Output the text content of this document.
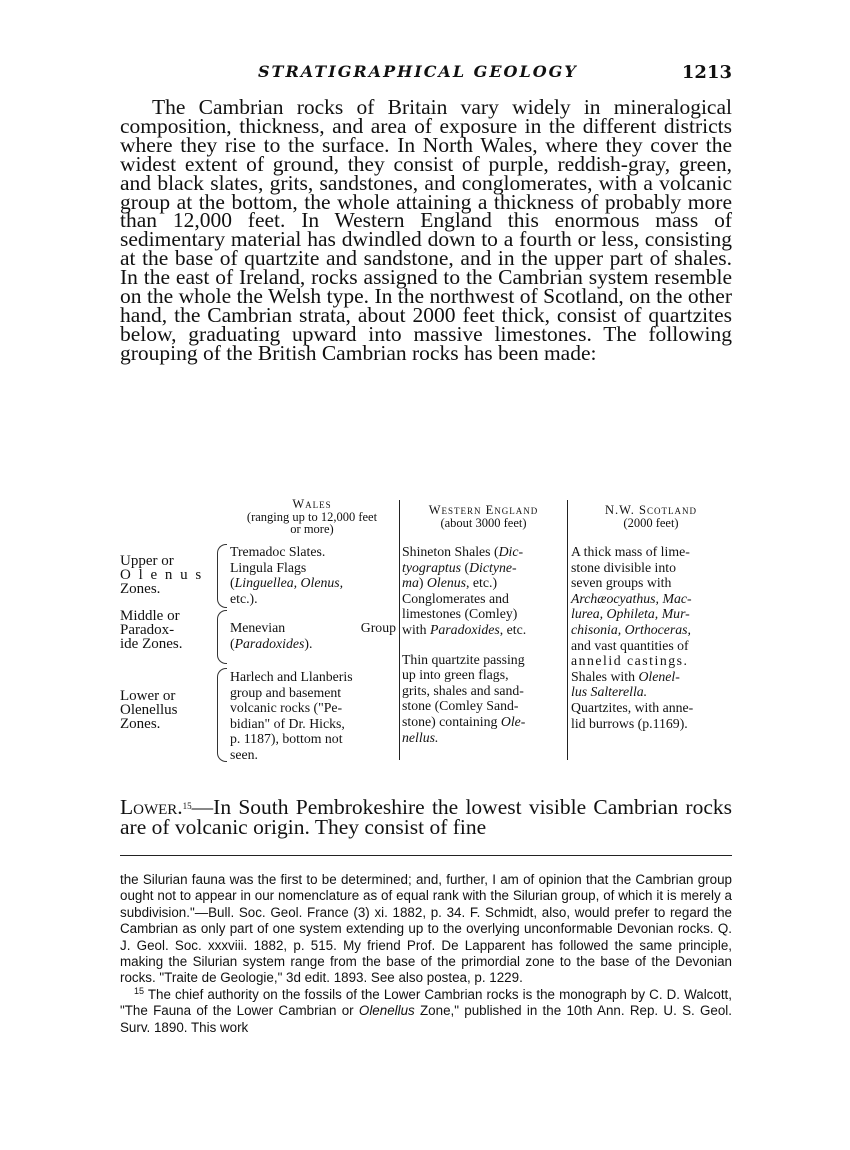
STRATIGRAPHICAL GEOLOGY	1213

The Cambrian rocks of Britain vary widely in mineralogical composition, thickness, and area of exposure in the different districts where they rise to the surface. In North Wales, where they cover the widest extent of ground, they consist of purple, reddish-gray, green, and black slates, grits, sandstones, and conglomerates, with a volcanic group at the bottom, the whole attaining a thickness of probably more than 12,000 feet. In Western England this enormous mass of sedimentary material has dwindled down to a fourth or less, consisting at the base of quartzite and sandstone, and in the upper part of shales. In the east of Ireland, rocks assigned to the Cambrian system resemble on the whole the Welsh type. In the northwest of Scotland, on the other hand, the Cambrian strata, about 2000 feet thick, consist of quartzites below, graduating upward into massive limestones. The following grouping of the British Cambrian rocks has been made:

Wales
(ranging up to 12,000 feet
or more)
Western England
(about 3000 feet)
N.W. Scotland
(2000 feet)
Upper or
O l e n u s
Zones.
Middle or
Paradox-
ide Zones.
Lower or
Olenellus
Zones.
Tremadoc Slates.
Lingula Flags
(Linguellea, Olenus,
etc.).
Menevian Group
(Paradoxides).
Harlech and Llanberis
group and basement
volcanic rocks ("Pe-
bidian" of Dr. Hicks,
p. 1187), bottom not
seen.
Shineton Shales (Dic-
tyograptus (Dictyne-
ma) Olenus, etc.)
Conglomerates and
limestones (Comley)
with Paradoxides, etc.
Thin quartzite passing
up into green flags,
grits, shales and sand-
stone (Comley Sand-
stone) containing Ole-
nellus.
A thick mass of lime-
stone divisible into
seven groups with
Archæocyathus, Mac-
lurea, Ophileta, Mur-
chisonia, Orthoceras,
and vast quantities of
annelid castings.
Shales with Olenel-
lus Salterella.
Quartzites, with anne-
lid burrows (p.1169).

Lower.$^{15}$—In South Pembrokeshire the lowest visible Cambrian rocks are of volcanic origin. They consist of fine

the Silurian fauna was the first to be determined; and, further, I am of opinion that the Cambrian group ought not to appear in our nomenclature as of equal rank with the Silurian group, of which it is merely a subdivision."—Bull. Soc. Geol. France (3) xi. 1882, p. 34. F. Schmidt, also, would prefer to regard the Cambrian as only part of one system extending up to the overlying unconformable Devonian rocks. Q. J. Geol. Soc. xxxviii. 1882, p. 515. My friend Prof. De Lapparent has followed the same principle, making the Silurian system range from the base of the primordial zone to the base of the Devonian rocks. "Traite de Geologie," 3d edit. 1893. See also postea, p. 1229.

$^{15}$ The chief authority on the fossils of the Lower Cambrian rocks is the monograph by C. D. Walcott, "The Fauna of the Lower Cambrian or Olenellus Zone," published in the 10th Ann. Rep. U. S. Geol. Surv. 1890. This work
